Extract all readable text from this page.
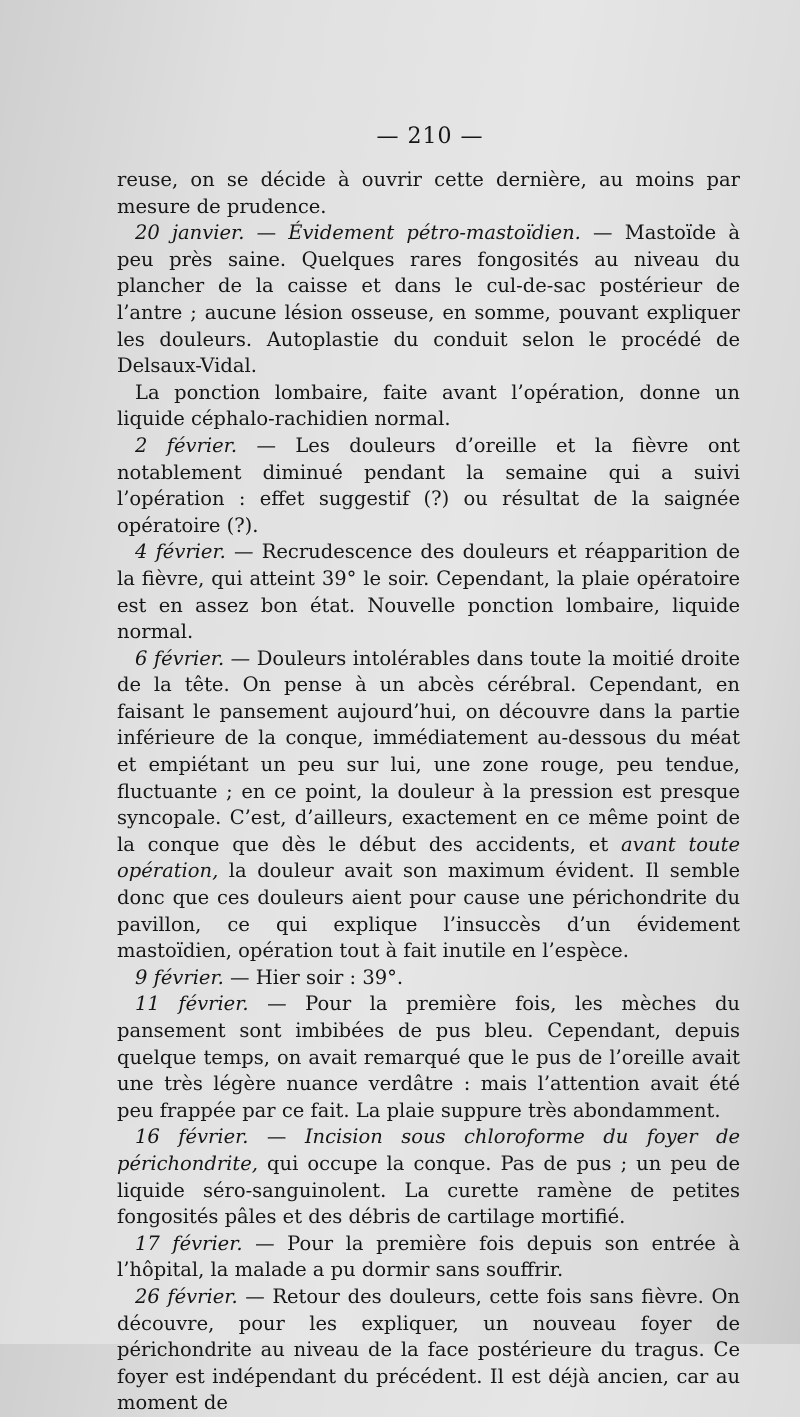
— 210 —

reuse, on se décide à ouvrir cette dernière, au moins par mesure de prudence.

20 janvier. — Évidement pétro-mastoïdien. — Mastoïde à peu près saine. Quelques rares fongosités au niveau du plancher de la caisse et dans le cul-de-sac postérieur de l’antre ; aucune lésion osseuse, en somme, pouvant expliquer les douleurs. Autoplastie du conduit selon le procédé de Delsaux-Vidal.

La ponction lombaire, faite avant l’opération, donne un liquide céphalo-rachidien normal.

2 février. — Les douleurs d’oreille et la fièvre ont notablement diminué pendant la semaine qui a suivi l’opération : effet suggestif (?) ou résultat de la saignée opératoire (?).

4 février. — Recrudescence des douleurs et réapparition de la fièvre, qui atteint 39° le soir. Cependant, la plaie opératoire est en assez bon état. Nouvelle ponction lombaire, liquide normal.

6 février. — Douleurs intolérables dans toute la moitié droite de la tête. On pense à un abcès cérébral. Cependant, en faisant le pansement aujourd’hui, on découvre dans la partie inférieure de la conque, immédiatement au-dessous du méat et empiétant un peu sur lui, une zone rouge, peu tendue, fluctuante ; en ce point, la douleur à la pression est presque syncopale. C’est, d’ailleurs, exactement en ce même point de la conque que dès le début des accidents, et avant toute opération, la douleur avait son maximum évident. Il semble donc que ces douleurs aient pour cause une périchondrite du pavillon, ce qui explique l’insuccès d’un évidement mastoïdien, opération tout à fait inutile en l’espèce.

9 février. — Hier soir : 39°.

11 février. — Pour la première fois, les mèches du pansement sont imbibées de pus bleu. Cependant, depuis quelque temps, on avait remarqué que le pus de l’oreille avait une très légère nuance verdâtre : mais l’attention avait été peu frappée par ce fait. La plaie suppure très abondamment.

16 février. — Incision sous chloroforme du foyer de périchondrite, qui occupe la conque. Pas de pus ; un peu de liquide séro-sanguinolent. La curette ramène de petites fongosités pâles et des débris de cartilage mortifié.

17 février. — Pour la première fois depuis son entrée à l’hôpital, la malade a pu dormir sans souffrir.

26 février. — Retour des douleurs, cette fois sans fièvre. On découvre, pour les expliquer, un nouveau foyer de périchondrite au niveau de la face postérieure du tragus. Ce foyer est indépendant du précédent. Il est déjà ancien, car au moment de
